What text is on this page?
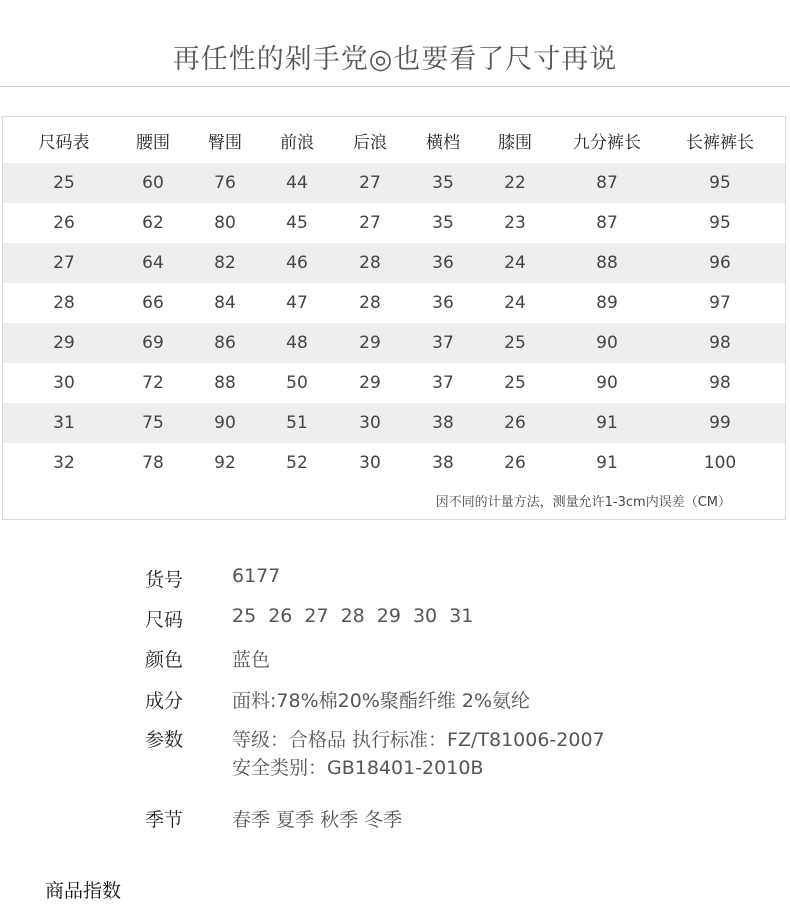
再任性的剁手党◎也要看了尺寸再说
尺码表	腰围	臀围	前浪	后浪	横档	膝围	九分裤长	长裤裤长
25	60	76	44	27	35	22	87	95
26	62	80	45	27	35	23	87	95
27	64	82	46	28	36	24	88	96
28	66	84	47	28	36	24	89	97
29	69	86	48	29	37	25	90	98
30	72	88	50	29	37	25	90	98
31	75	90	51	30	38	26	91	99
32	78	92	52	30	38	26	91	100
因不同的计量方法，测量允许1-3cm内误差（CM）
货号	6177
尺码	25 26 27 28 29 30 31
颜色	蓝色
成分	面料:78%棉20%聚酯纤维 2%氨纶
参数	等级：合格品 执行标准：FZ/T81006-2007
安全类别：GB18401-2010B
季节	春季 夏季 秋季 冬季
商品指数
